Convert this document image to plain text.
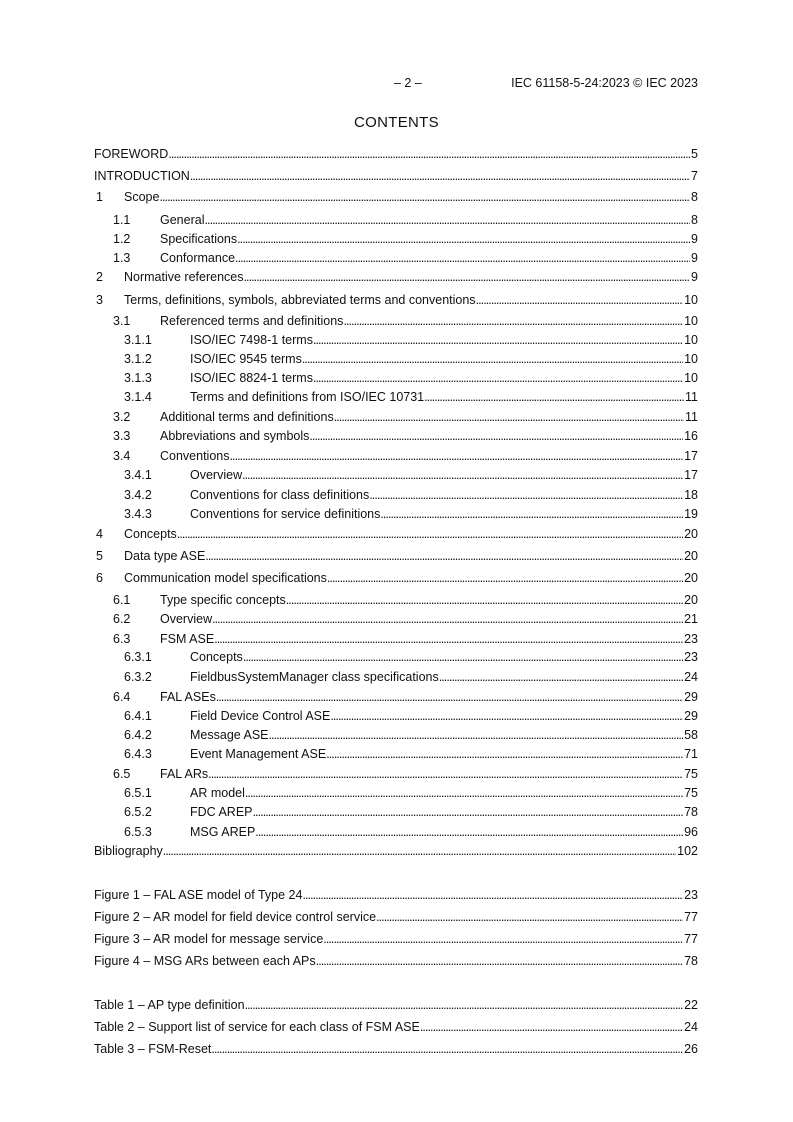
– 2 –	IEC 61158-5-24:2023 © IEC 2023
CONTENTS
FOREWORD . . .	5
INTRODUCTION . . .	7
1 Scope . . .	8
1.1 General . . .	8
1.2 Specifications . . .	9
1.3 Conformance . . .	9
2 Normative references . . .	9
3 Terms, definitions, symbols, abbreviated terms and conventions . . .	10
3.1 Referenced terms and definitions . . .	10
3.1.1	ISO/IEC 7498-1 terms . . .	10
3.1.2	ISO/IEC 9545 terms . . .	10
3.1.3	ISO/IEC 8824-1 terms . . .	10
3.1.4	Terms and definitions from ISO/IEC 10731 . . .	11
3.2 Additional terms and definitions . . .	11
3.3 Abbreviations and symbols . . .	16
3.4 Conventions . . .	17
3.4.1	Overview . . .	17
3.4.2	Conventions for class definitions . . .	18
3.4.3	Conventions for service definitions . . .	19
4 Concepts . . .	20
5 Data type ASE . . .	20
6 Communication model specifications . . .	20
6.1 Type specific concepts . . .	20
6.2 Overview . . .	21
6.3 FSM ASE . . .	23
6.3.1	Concepts . . .	23
6.3.2	FieldbusSystemManager class specifications . . .	24
6.4 FAL ASEs . . .	29
6.4.1	Field Device Control ASE . . .	29
6.4.2	Message ASE . . .	58
6.4.3	Event Management ASE . . .	71
6.5 FAL ARs . . .	75
6.5.1	AR model . . .	75
6.5.2	FDC AREP . . .	78
6.5.3	MSG AREP . . .	96
Bibliography . . .	102
Figure 1 – FAL ASE model of Type 24 . . .	23
Figure 2 – AR model for field device control service . . .	77
Figure 3 – AR model for message service . . .	77
Figure 4 – MSG ARs between each APs . . .	78
Table 1 – AP type definition . . .	22
Table 2 – Support list of service for each class of FSM ASE . . .	24
Table 3 – FSM-Reset . . .	26
